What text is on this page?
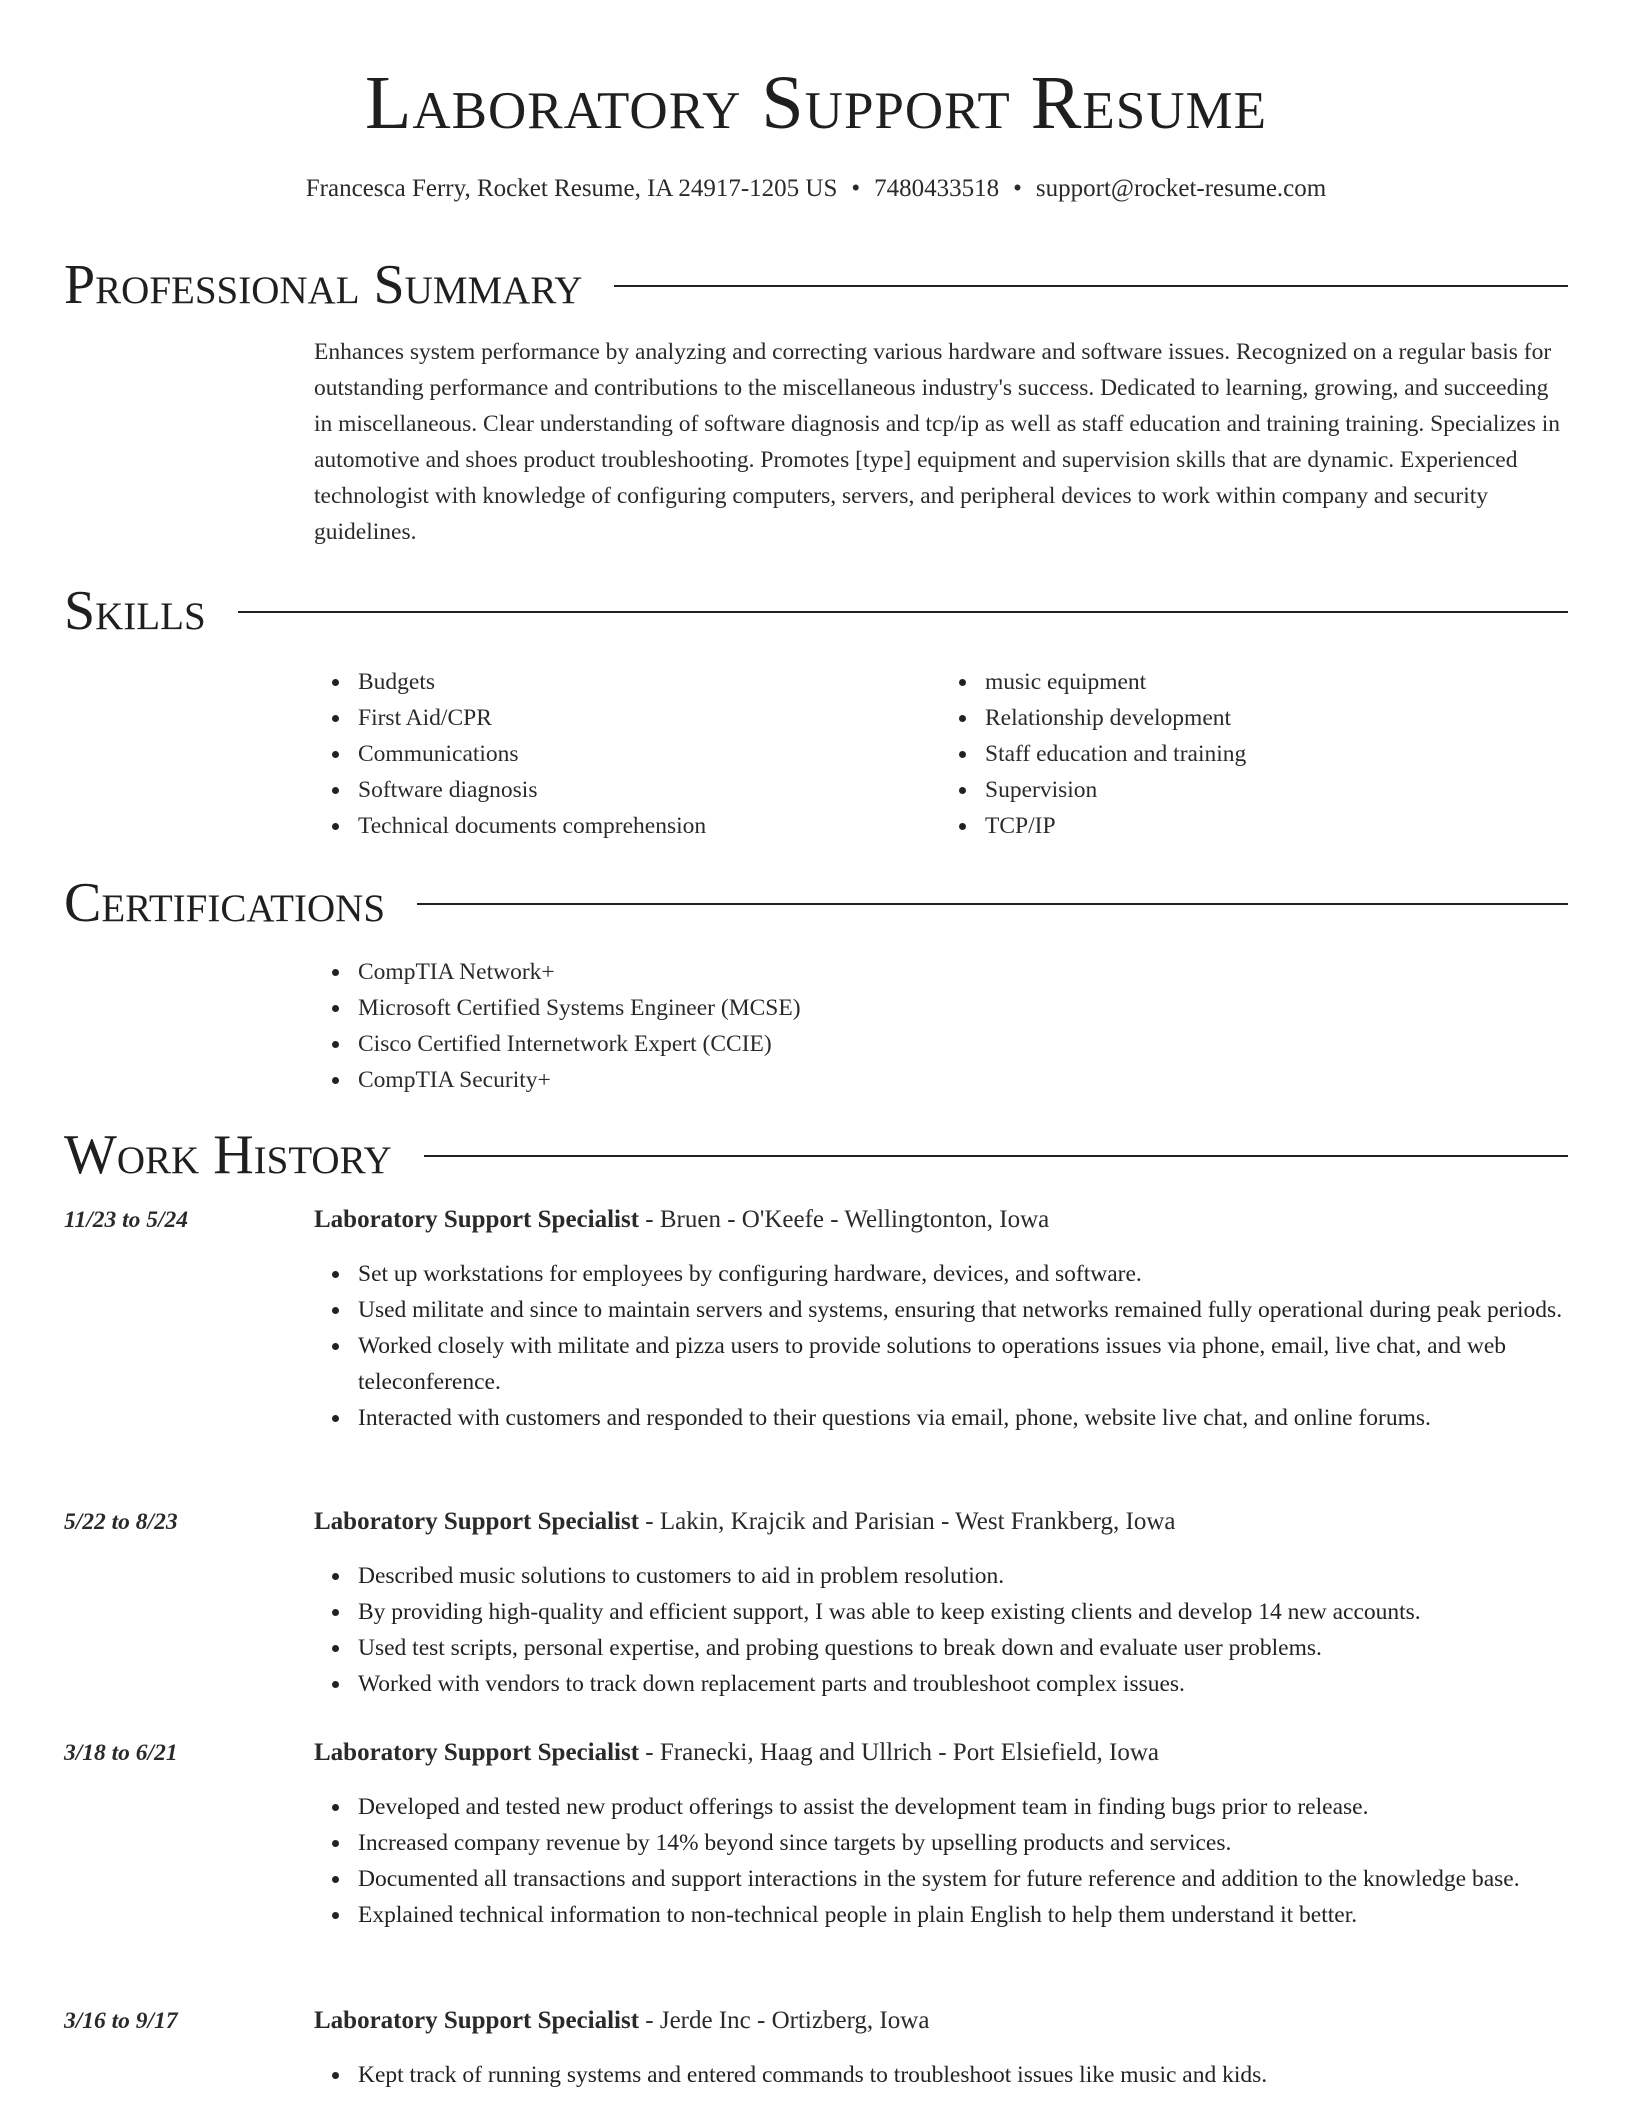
Laboratory Support Resume
Francesca Ferry, Rocket Resume, IA 24917-1205 US • 7480433518 • support@rocket-resume.com
Professional Summary

Enhances system performance by analyzing and correcting various hardware and software issues. Recognized on a regular basis for outstanding performance and contributions to the miscellaneous industry's success. Dedicated to learning, growing, and succeeding in miscellaneous. Clear understanding of software diagnosis and tcp/ip as well as staff education and training training. Specializes in automotive and shoes product troubleshooting. Promotes [type] equipment and supervision skills that are dynamic. Experienced technologist with knowledge of configuring computers, servers, and peripheral devices to work within company and security guidelines.

Skills
Budgets
First Aid/CPR
Communications
Software diagnosis
Technical documents comprehension
music equipment
Relationship development
Staff education and training
Supervision
TCP/IP
Certifications
CompTIA Network+
Microsoft Certified Systems Engineer (MCSE)
Cisco Certified Internetwork Expert (CCIE)
CompTIA Security+
Work History
11/23 to 5/24	Laboratory Support Specialist - Bruen - O'Keefe - Wellingtonton, Iowa
Set up workstations for employees by configuring hardware, devices, and software.
Used militate and since to maintain servers and systems, ensuring that networks remained fully operational during peak periods.
Worked closely with militate and pizza users to provide solutions to operations issues via phone, email, live chat, and web teleconference.
Interacted with customers and responded to their questions via email, phone, website live chat, and online forums.
5/22 to 8/23	Laboratory Support Specialist - Lakin, Krajcik and Parisian - West Frankberg, Iowa
Described music solutions to customers to aid in problem resolution.
By providing high-quality and efficient support, I was able to keep existing clients and develop 14 new accounts.
Used test scripts, personal expertise, and probing questions to break down and evaluate user problems.
Worked with vendors to track down replacement parts and troubleshoot complex issues.
3/18 to 6/21	Laboratory Support Specialist - Franecki, Haag and Ullrich - Port Elsiefield, Iowa
Developed and tested new product offerings to assist the development team in finding bugs prior to release.
Increased company revenue by 14% beyond since targets by upselling products and services.
Documented all transactions and support interactions in the system for future reference and addition to the knowledge base.
Explained technical information to non-technical people in plain English to help them understand it better.
3/16 to 9/17	Laboratory Support Specialist - Jerde Inc - Ortizberg, Iowa
Kept track of running systems and entered commands to troubleshoot issues like music and kids.
